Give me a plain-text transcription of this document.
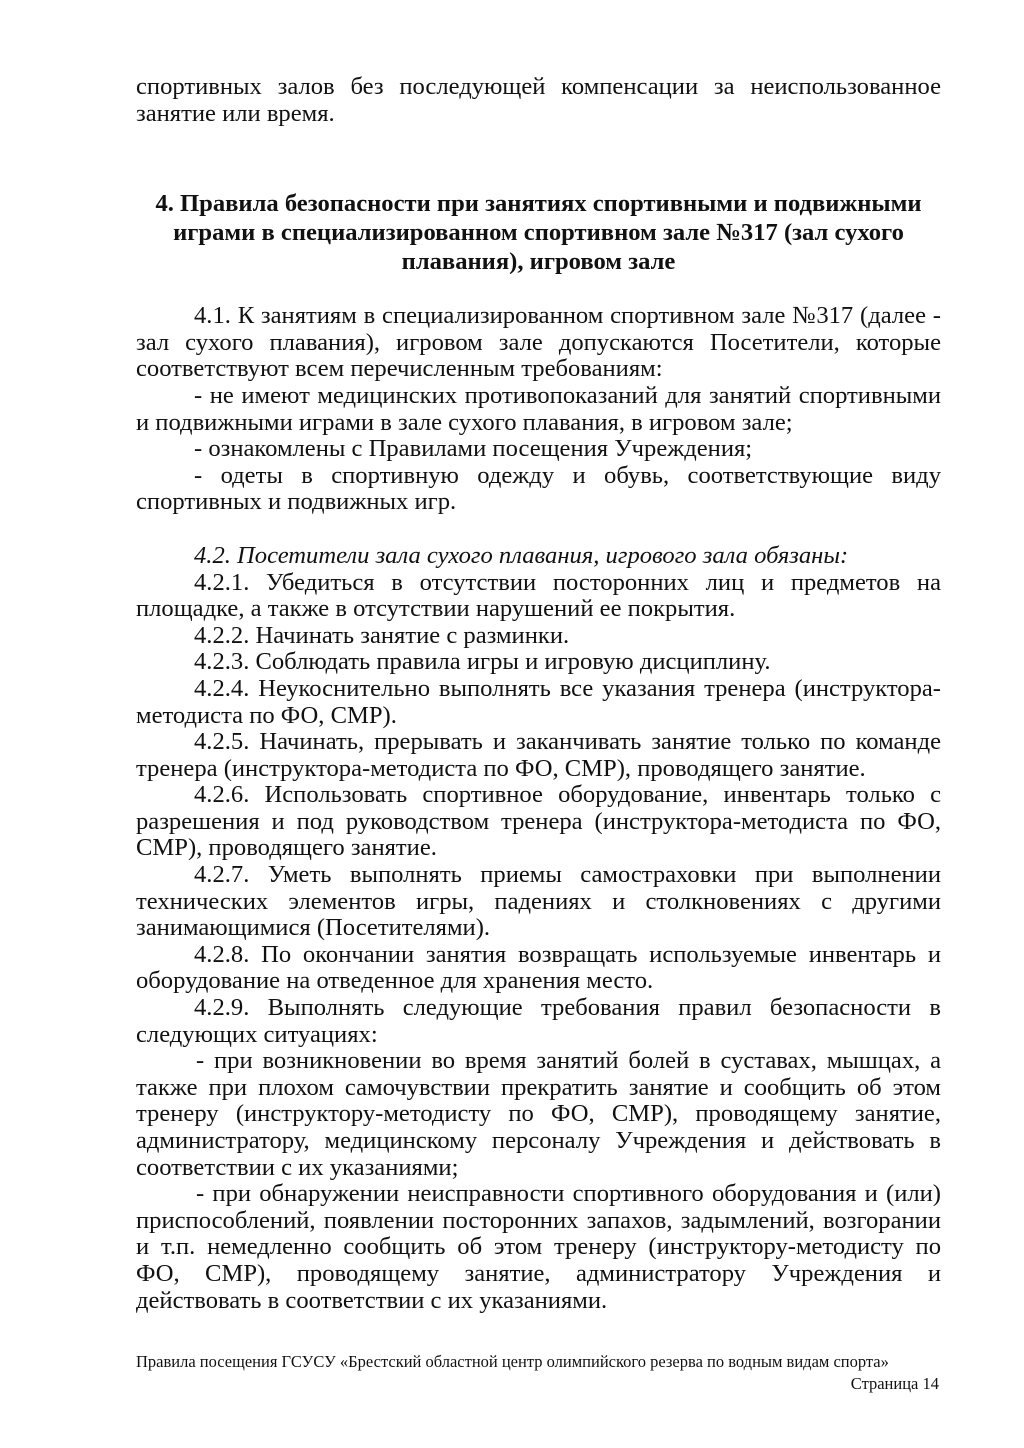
спортивных залов без последующей компенсации за неиспользованное занятие или время.

4. Правила безопасности при занятиях спортивными и подвижными играми в специализированном спортивном зале №317 (зал сухого плавания), игровом зале

4.1. К занятиям в специализированном спортивном зале №317 (далее - зал сухого плавания), игровом зале допускаются Посетители, которые соответствуют всем перечисленным требованиям:

- не имеют медицинских противопоказаний для занятий спортивными и подвижными играми в зале сухого плавания, в игровом зале;

- ознакомлены с Правилами посещения Учреждения;

- одеты в спортивную одежду и обувь, соответствующие виду спортивных и подвижных игр.

4.2. Посетители зала сухого плавания, игрового зала обязаны:

4.2.1. Убедиться в отсутствии посторонних лиц и предметов на площадке, а также в отсутствии нарушений ее покрытия.

4.2.2. Начинать занятие с разминки.

4.2.3. Соблюдать правила игры и игровую дисциплину.

4.2.4. Неукоснительно выполнять все указания тренера (инструктора-методиста по ФО, СМР).

4.2.5. Начинать, прерывать и заканчивать занятие только по команде тренера (инструктора-методиста по ФО, СМР), проводящего занятие.

4.2.6. Использовать спортивное оборудование, инвентарь только с разрешения и под руководством тренера (инструктора-методиста по ФО, СМР), проводящего занятие.

4.2.7. Уметь выполнять приемы самостраховки при выполнении технических элементов игры, падениях и столкновениях с другими занимающимися (Посетителями).

4.2.8. По окончании занятия возвращать используемые инвентарь и оборудование на отведенное для хранения место.

4.2.9. Выполнять следующие требования правил безопасности в следующих ситуациях:

- при возникновении во время занятий болей в суставах, мышцах, а также при плохом самочувствии прекратить занятие и сообщить об этом тренеру (инструктору-методисту по ФО, СМР), проводящему занятие, администратору, медицинскому персоналу Учреждения и действовать в соответствии с их указаниями;

- при обнаружении неисправности спортивного оборудования и (или) приспособлений, появлении посторонних запахов, задымлений, возгорании и т.п. немедленно сообщить об этом тренеру (инструктору-методисту по ФО, СМР), проводящему занятие, администратору Учреждения и действовать в соответствии с их указаниями.

Правила посещения ГСУСУ «Брестский областной центр олимпийского резерва по водным видам спорта»

Страница 14
